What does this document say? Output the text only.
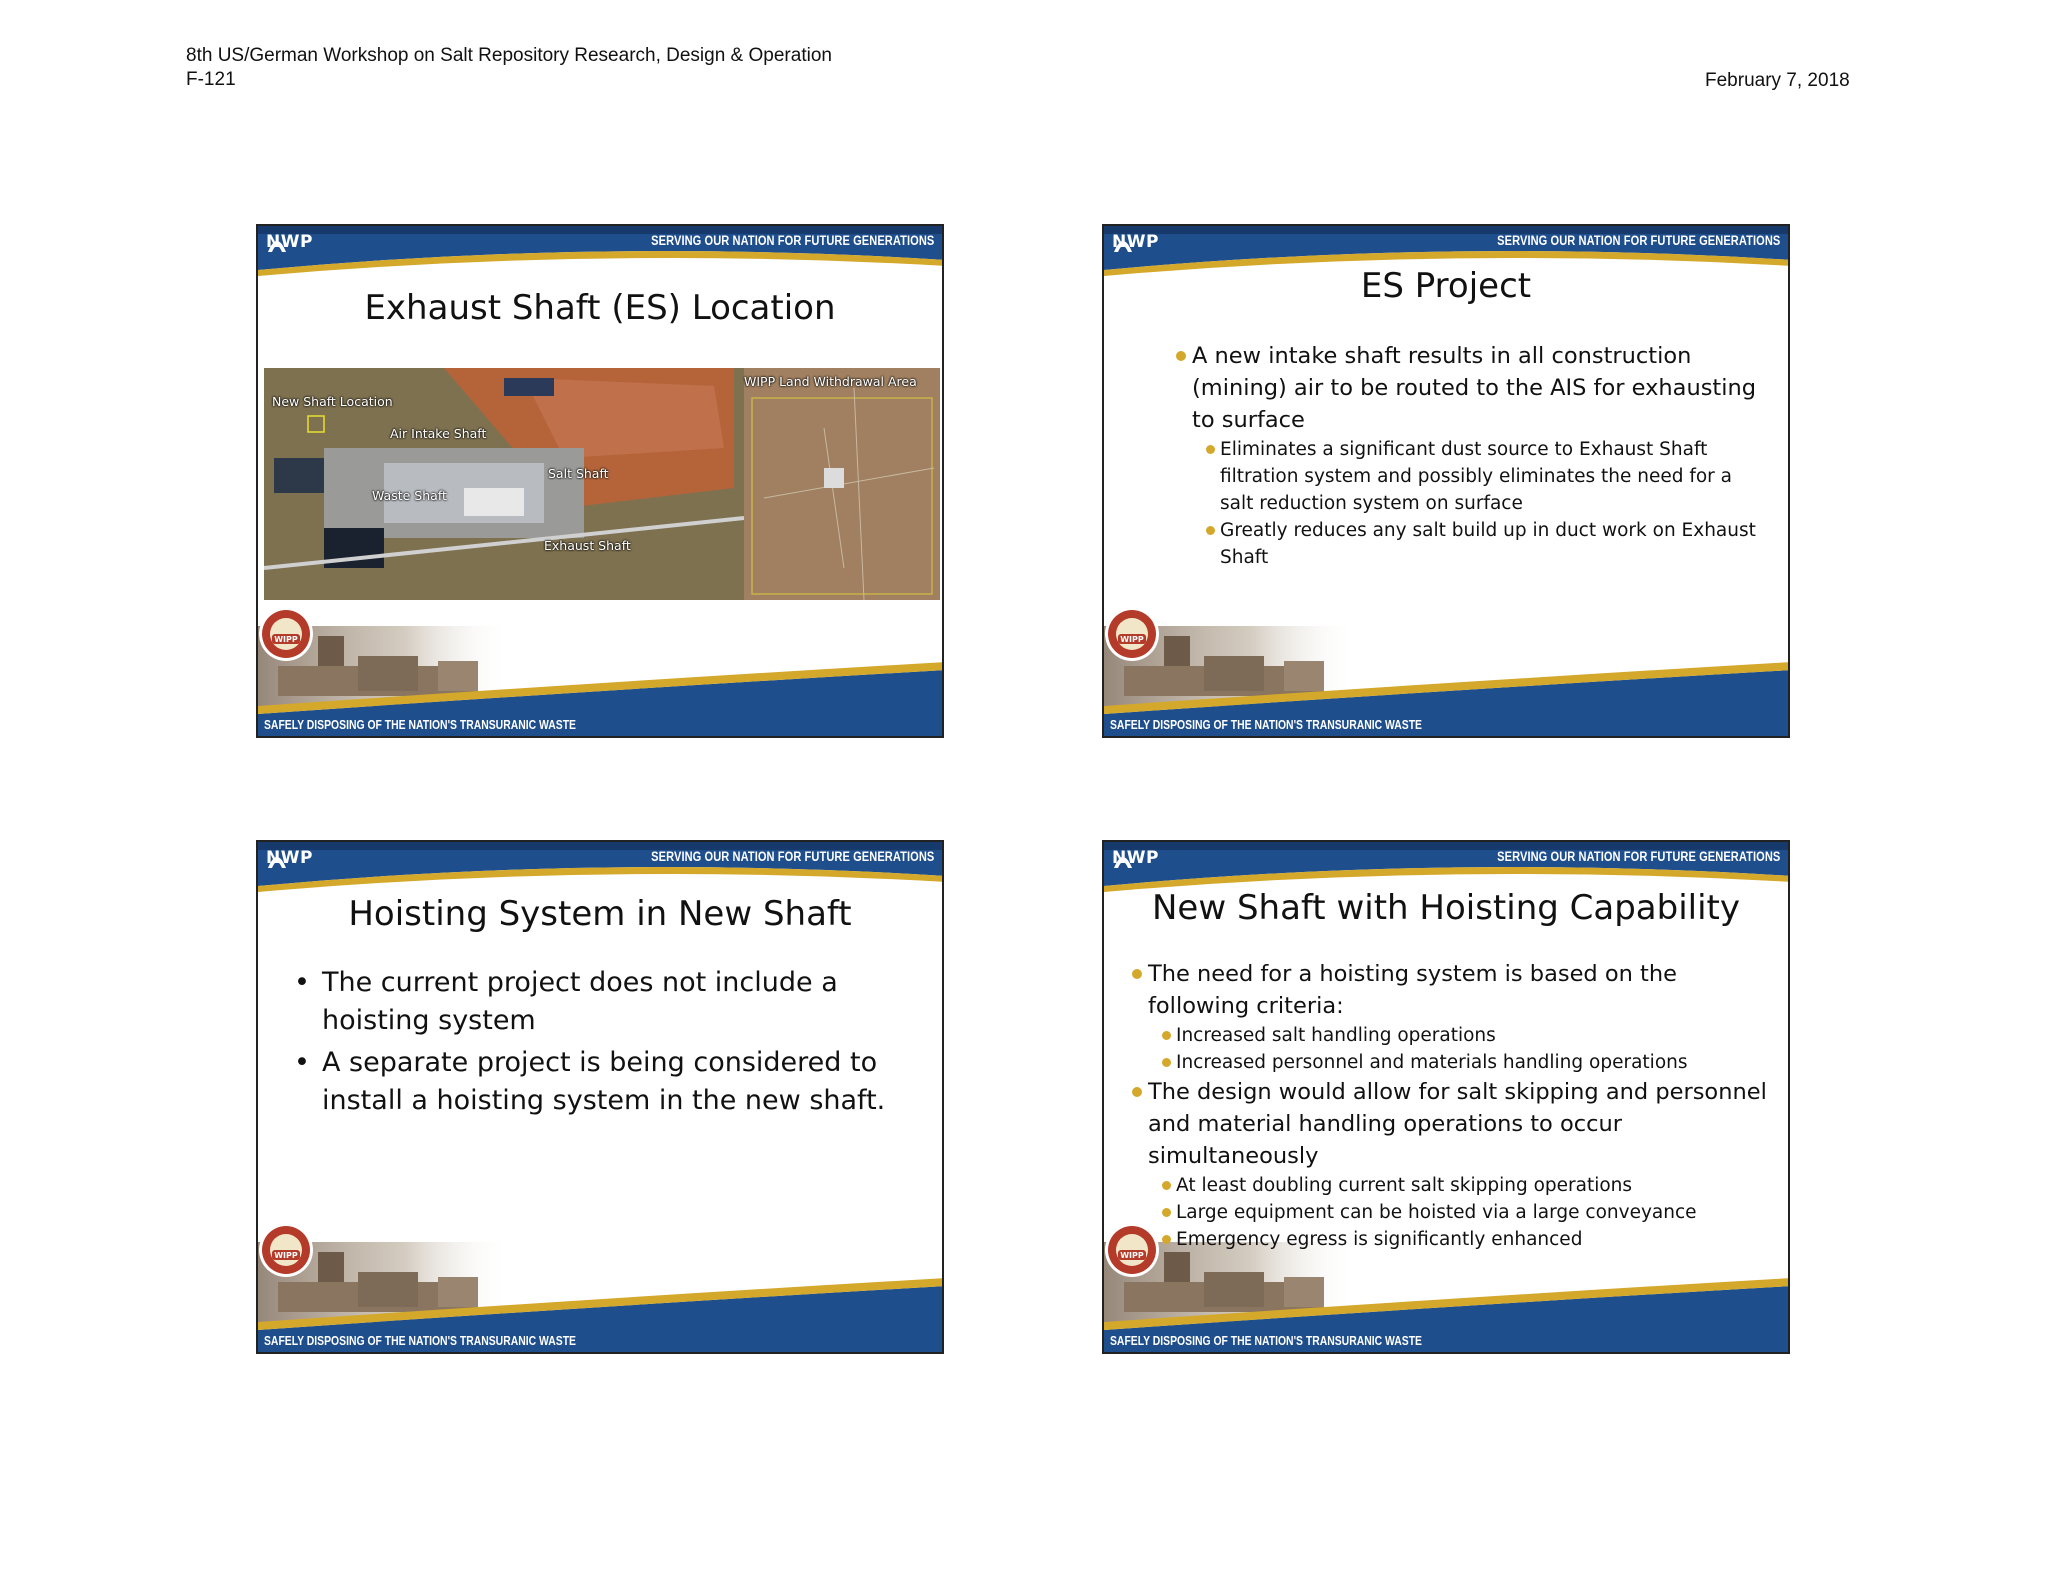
8th US/German Workshop on Salt Repository Research, Design & Operation
F-121	February 7, 2018
NWP	SERVING OUR NATION FOR FUTURE GENERATIONS
SAFELY DISPOSING OF THE NATION'S TRANSURANIC WASTE
WIPP
Exhaust Shaft (ES) Location
New Shaft Location
Air Intake Shaft
Salt Shaft
Waste Shaft
Exhaust Shaft
WIPP Land Withdrawal Area
NWP	SERVING OUR NATION FOR FUTURE GENERATIONS
SAFELY DISPOSING OF THE NATION'S TRANSURANIC WASTE
WIPP
ES Project
A new intake shaft results in all construction (mining) air to be routed to the AIS for exhausting to surface
Eliminates a significant dust source to Exhaust Shaft filtration system and possibly eliminates the need for a salt reduction system on surface
Greatly reduces any salt build up in duct work on Exhaust Shaft
NWP	SERVING OUR NATION FOR FUTURE GENERATIONS
SAFELY DISPOSING OF THE NATION'S TRANSURANIC WASTE
WIPP
Hoisting System in New Shaft
• The current project does not include a hoisting system
• A separate project is being considered to install a hoisting system in the new shaft.
NWP	SERVING OUR NATION FOR FUTURE GENERATIONS
SAFELY DISPOSING OF THE NATION'S TRANSURANIC WASTE
WIPP
New Shaft with Hoisting Capability
The need for a hoisting system is based on the following criteria:
Increased salt handling operations
Increased personnel and materials handling operations
The design would allow for salt skipping and personnel and material handling operations to occur simultaneously
At least doubling current salt skipping operations
Large equipment can be hoisted via a large conveyance
Emergency egress is significantly enhanced
